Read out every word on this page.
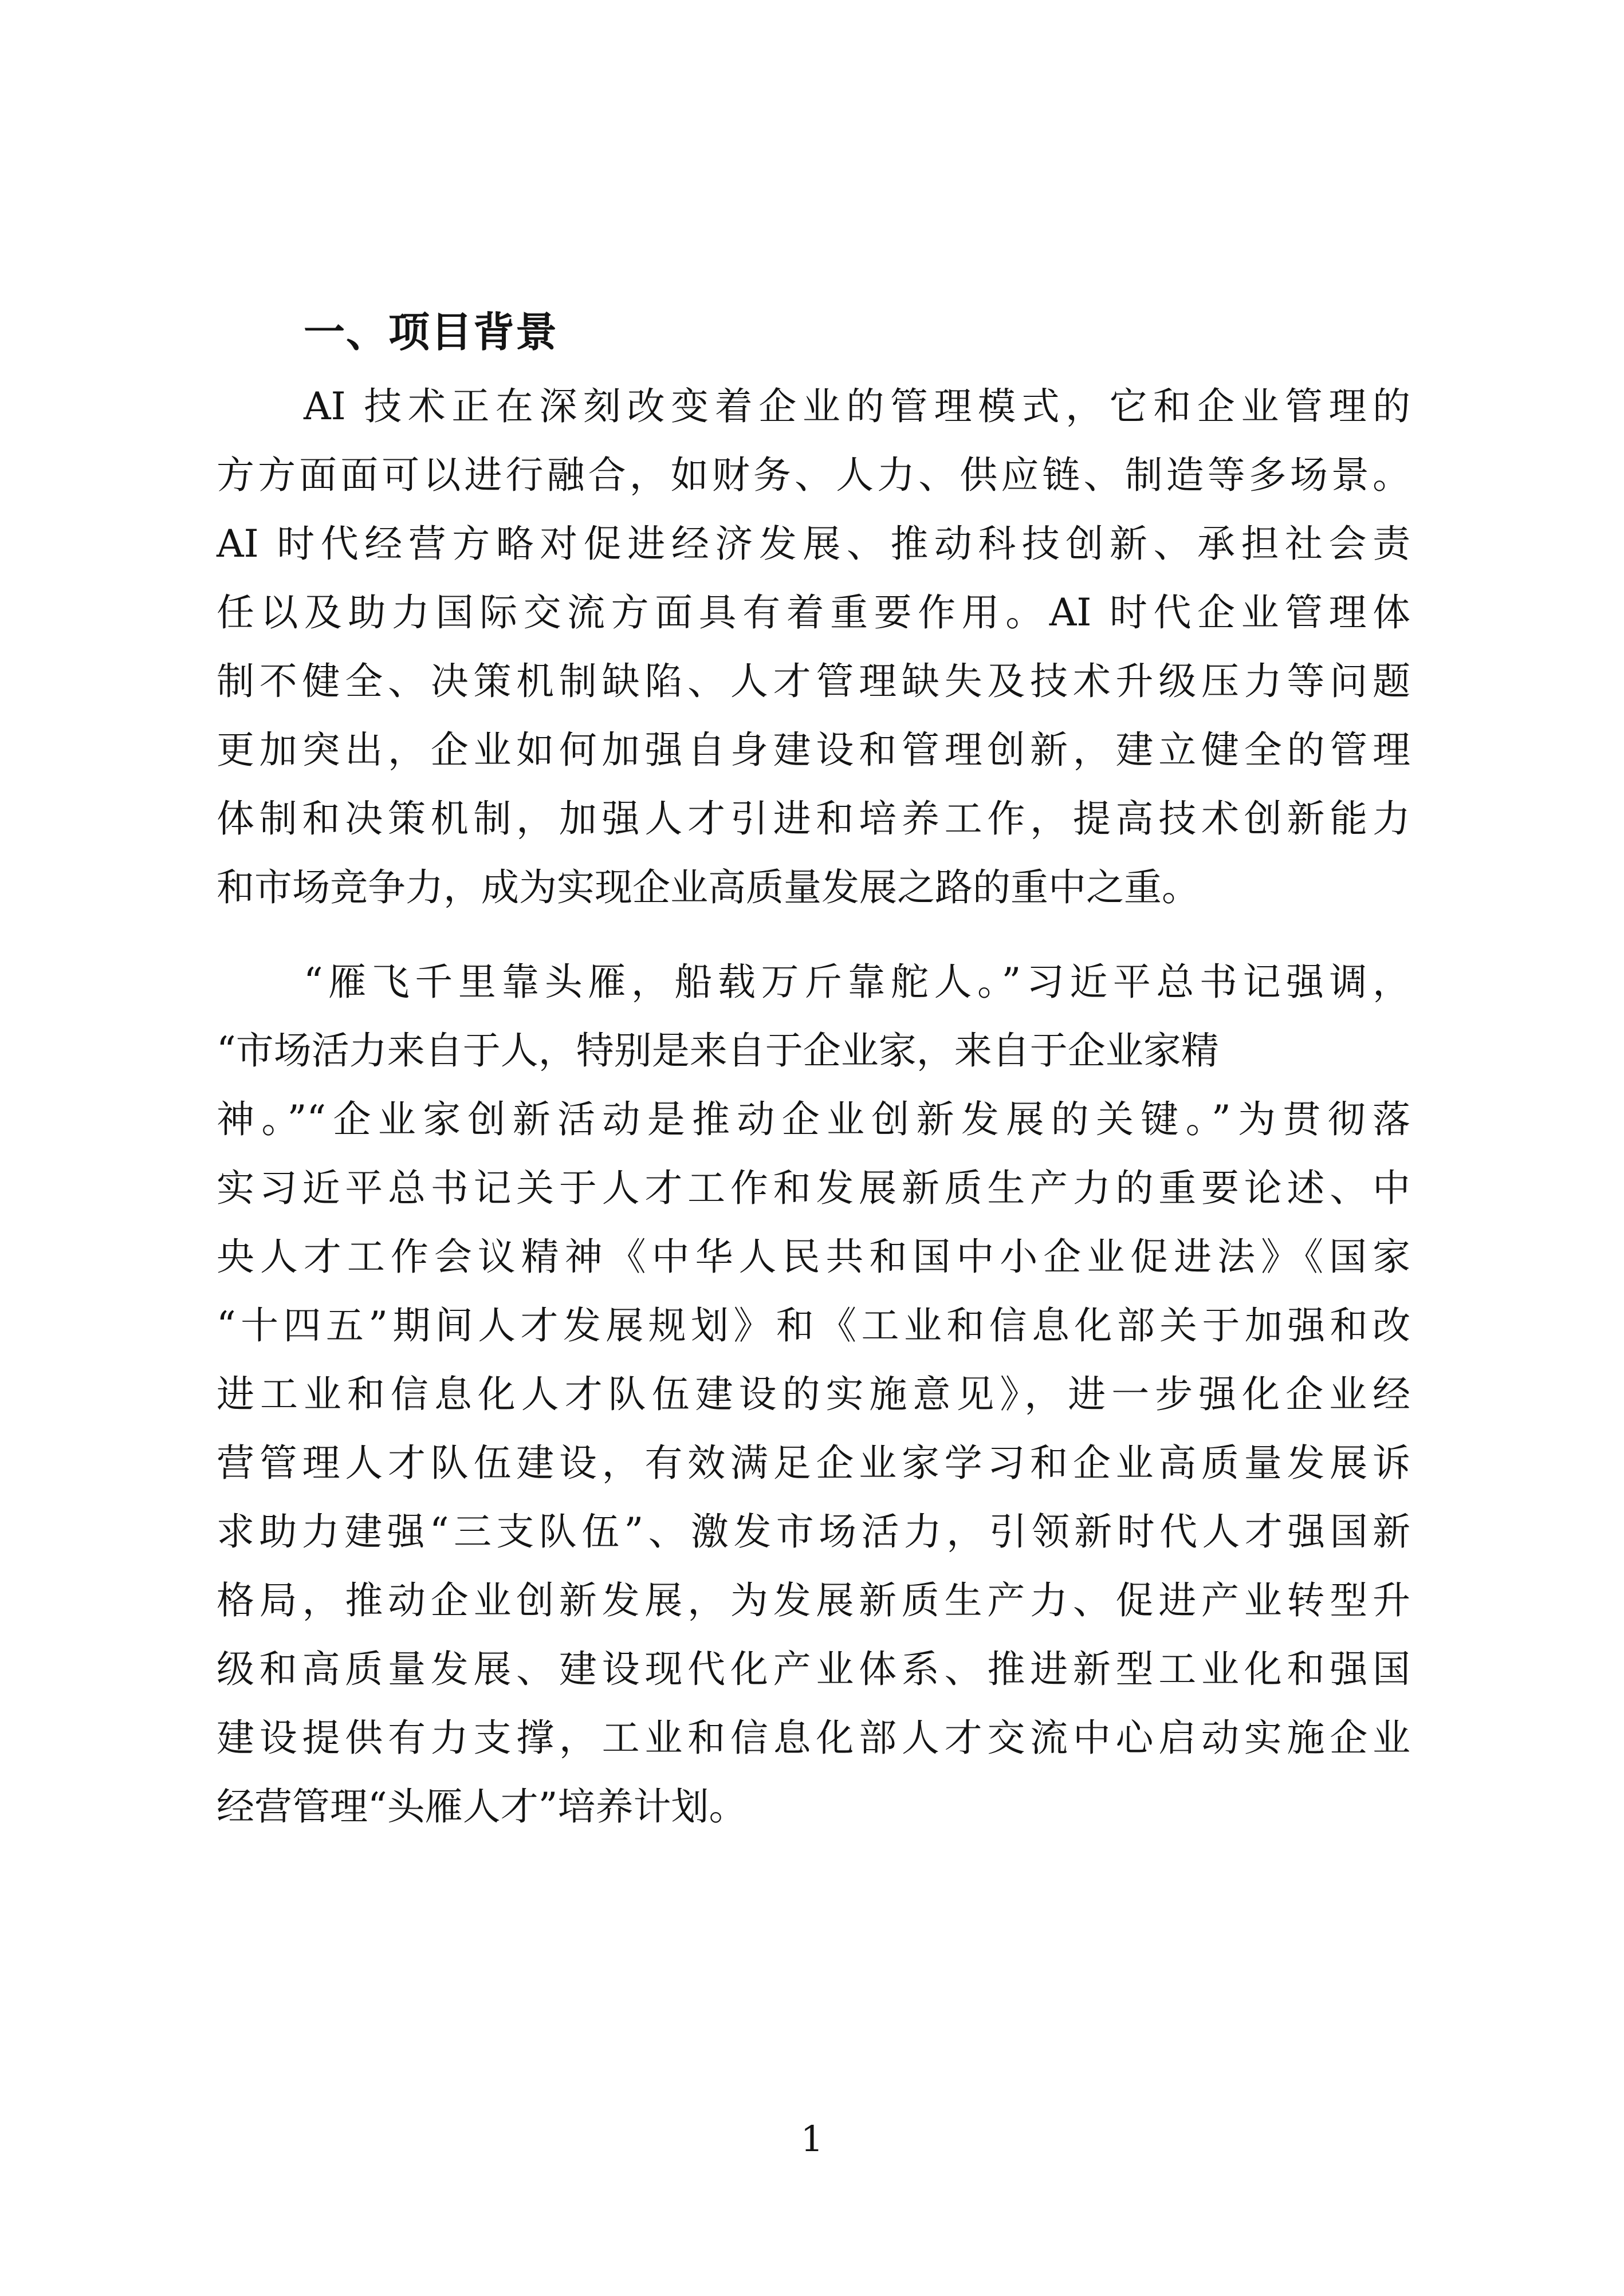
一、项目背景

AI 技术正在深刻改变着企业的管理模式，它和企业管理的

方方面面可以进行融合，如财务、人力、供应链、制造等多场景。

AI 时代经营方略对促进经济发展、推动科技创新、承担社会责

任以及助力国际交流方面具有着重要作用。AI 时代企业管理体

制不健全、决策机制缺陷、人才管理缺失及技术升级压力等问题

更加突出，企业如何加强自身建设和管理创新，建立健全的管理

体制和决策机制，加强人才引进和培养工作，提高技术创新能力

和市场竞争力，成为实现企业高质量发展之路的重中之重。

“雁飞千里靠头雁，船载万斤靠舵人。”习近平总书记强调，

“市场活力来自于人，特别是来自于企业家，来自于企业家精

神。”“企业家创新活动是推动企业创新发展的关键。”为贯彻落

实习近平总书记关于人才工作和发展新质生产力的重要论述、中

央人才工作会议精神《中华人民共和国中小企业促进法》《国家

“十四五”期间人才发展规划》和《工业和信息化部关于加强和改

进工业和信息化人才队伍建设的实施意见》，进一步强化企业经

营管理人才队伍建设，有效满足企业家学习和企业高质量发展诉

求助力建强“三支队伍”、激发市场活力，引领新时代人才强国新

格局，推动企业创新发展，为发展新质生产力、促进产业转型升

级和高质量发展、建设现代化产业体系、推进新型工业化和强国

建设提供有力支撑，工业和信息化部人才交流中心启动实施企业

经营管理“头雁人才”培养计划。

1
